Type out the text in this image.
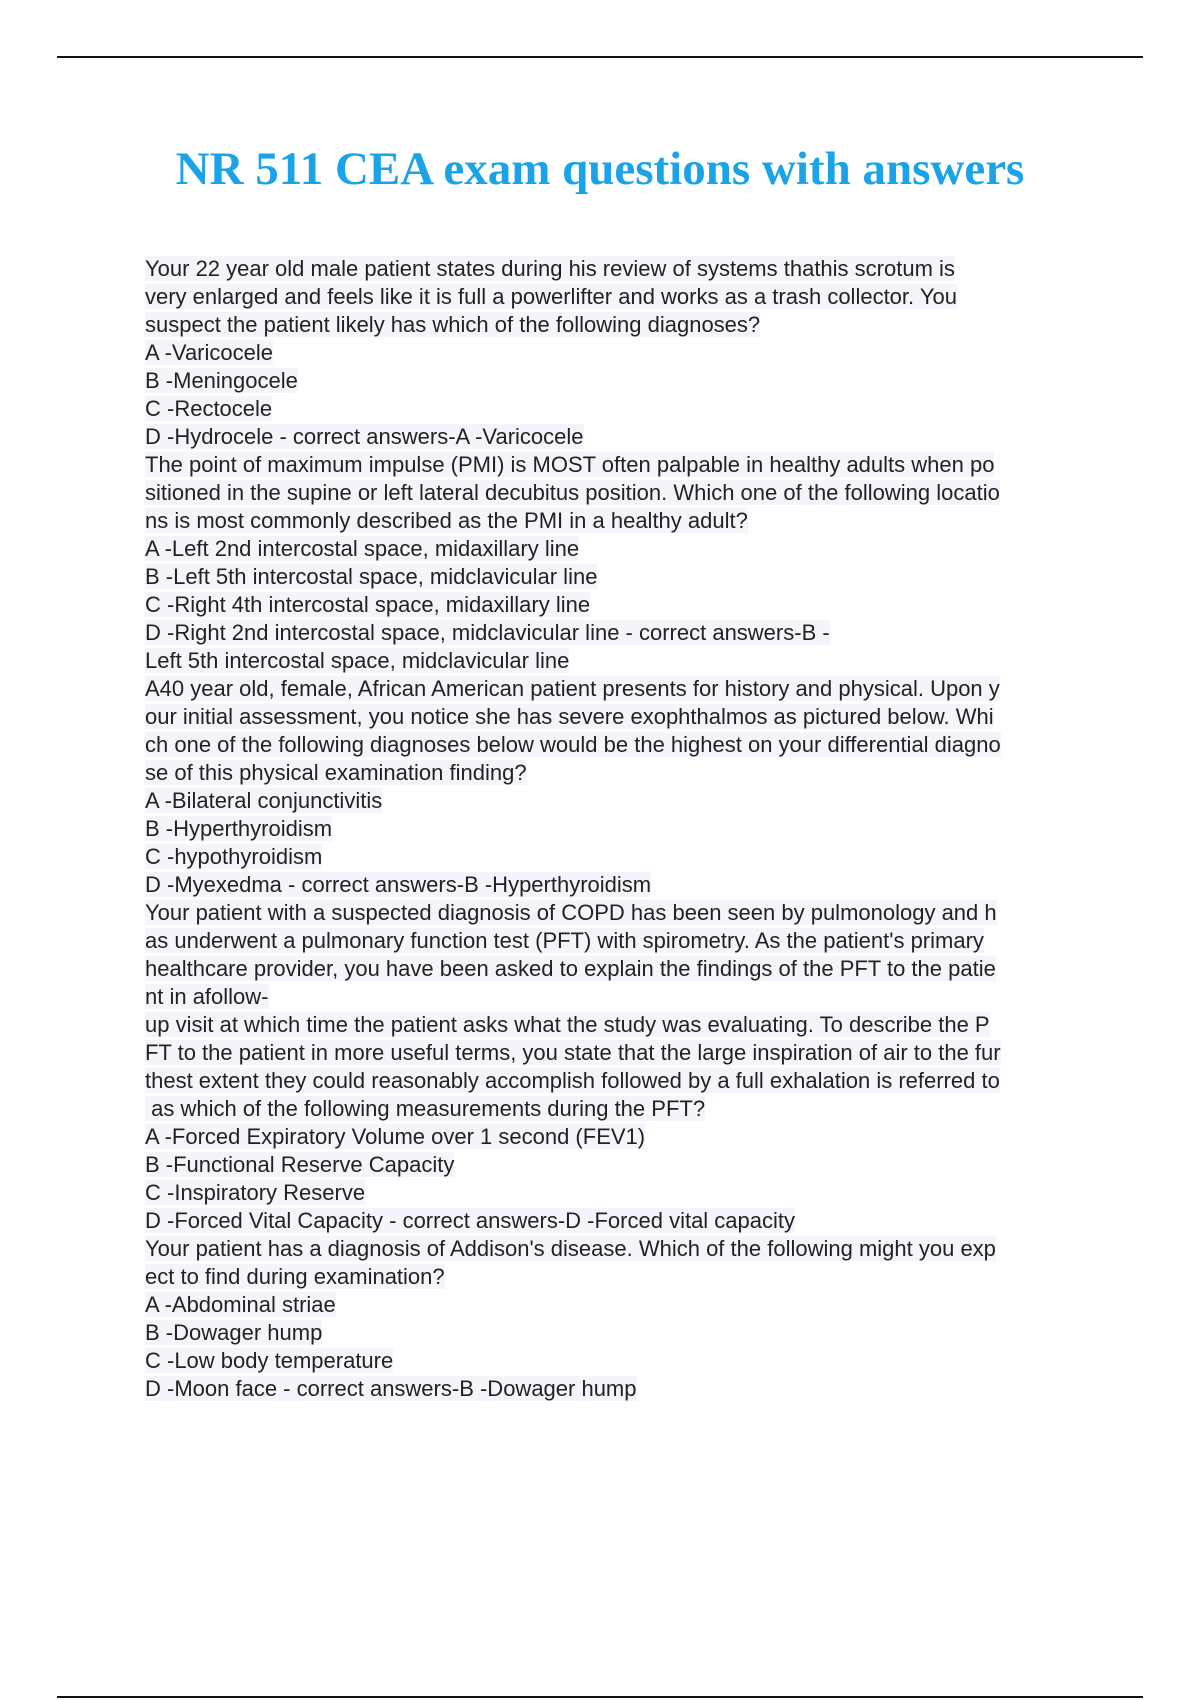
NR 511 CEA exam questions with answers
Your 22 year old male patient states during his review of systems thathis scrotum is
very enlarged and feels like it is full a powerlifter and works as a trash collector. You
suspect the patient likely has which of the following diagnoses?
A -Varicocele
B -Meningocele
C -Rectocele
D -Hydrocele - correct answers-A -Varicocele
The point of maximum impulse (PMI) is MOST often palpable in healthy adults when po
sitioned in the supine or left lateral decubitus position. Which one of the following locatio
ns is most commonly described as the PMI in a healthy adult?
A -Left 2nd intercostal space, midaxillary line
B -Left 5th intercostal space, midclavicular line
C -Right 4th intercostal space, midaxillary line
D -Right 2nd intercostal space, midclavicular line - correct answers-B -
Left 5th intercostal space, midclavicular line
A40 year old, female, African American patient presents for history and physical. Upon y
our initial assessment, you notice she has severe exophthalmos as pictured below. Whi
ch one of the following diagnoses below would be the highest on your differential diagno
se of this physical examination finding?
A -Bilateral conjunctivitis
B -Hyperthyroidism
C -hypothyroidism
D -Myexedma - correct answers-B -Hyperthyroidism
Your patient with a suspected diagnosis of COPD has been seen by pulmonology and h
as underwent a pulmonary function test (PFT) with spirometry. As the patient's primary
healthcare provider, you have been asked to explain the findings of the PFT to the patie
nt in afollow-
up visit at which time the patient asks what the study was evaluating. To describe the P
FT to the patient in more useful terms, you state that the large inspiration of air to the fur
thest extent they could reasonably accomplish followed by a full exhalation is referred to
as which of the following measurements during the PFT?
A -Forced Expiratory Volume over 1 second (FEV1)
B -Functional Reserve Capacity
C -Inspiratory Reserve
D -Forced Vital Capacity - correct answers-D -Forced vital capacity
Your patient has a diagnosis of Addison's disease. Which of the following might you exp
ect to find during examination?
A -Abdominal striae
B -Dowager hump
C -Low body temperature
D -Moon face - correct answers-B -Dowager hump
